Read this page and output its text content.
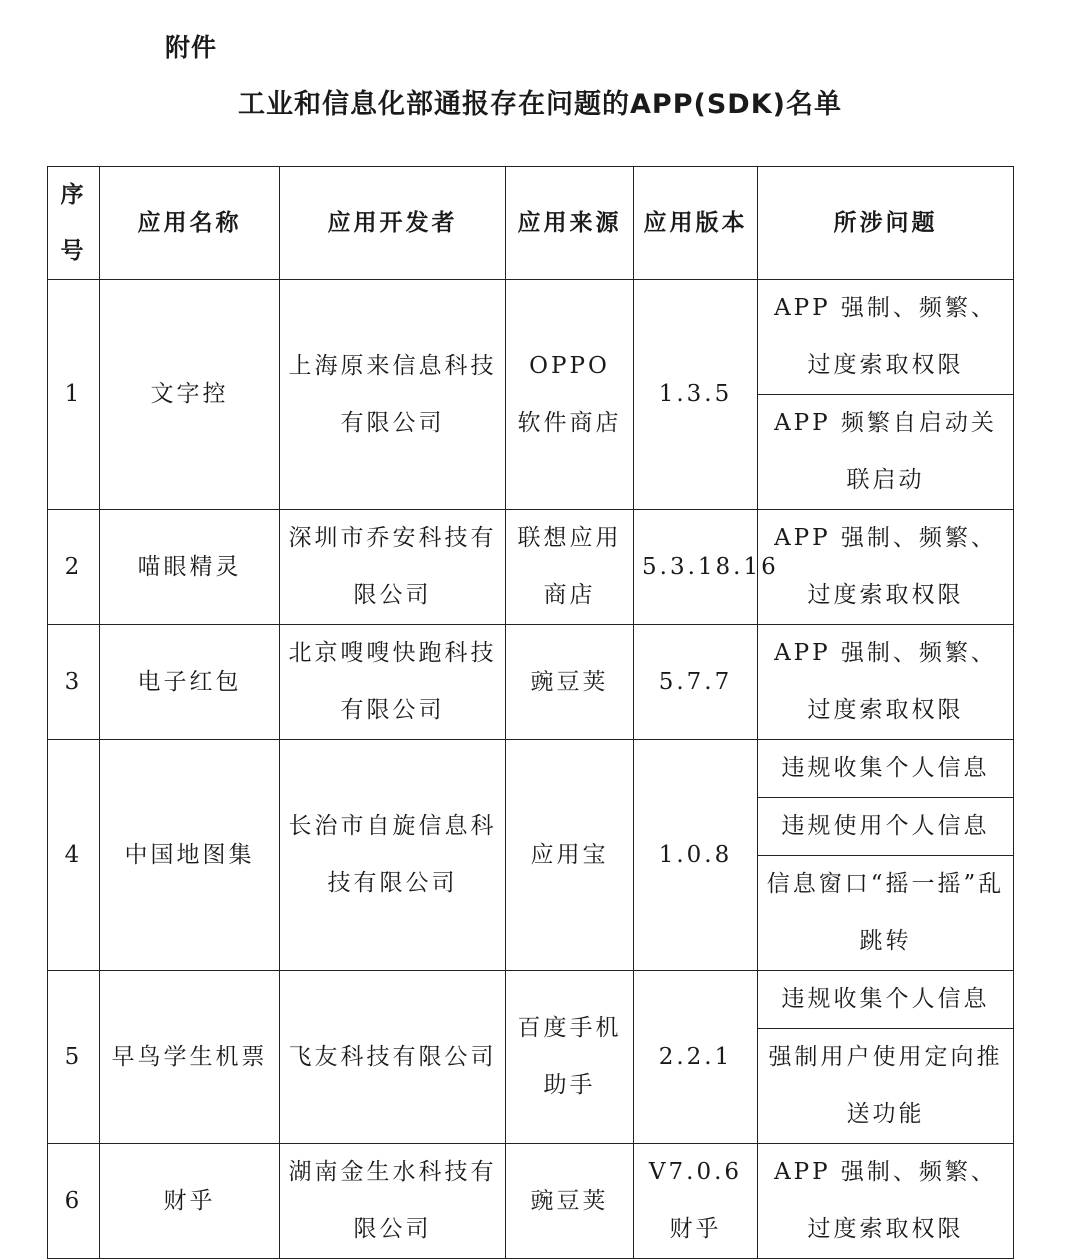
附件
工业和信息化部通报存在问题的APP(SDK)名单
序号	应用名称	应用开发者	应用来源	应用版本	所涉问题
1	文字控	上海原来信息科技有限公司	OPPO 软件商店	1.3.5	APP 强制、频繁、过度索取权限
					APP 频繁自启动关联启动
2	喵眼精灵	深圳市乔安科技有限公司	联想应用商店	5.3.18.16	APP 强制、频繁、过度索取权限
3	电子红包	北京嗖嗖快跑科技有限公司	豌豆荚	5.7.7	APP 强制、频繁、过度索取权限
4	中国地图集	长治市自旋信息科技有限公司	应用宝	1.0.8	违规收集个人信息
					违规使用个人信息
					信息窗口“摇一摇”乱跳转
5	早鸟学生机票	飞友科技有限公司	百度手机助手	2.2.1	违规收集个人信息
					强制用户使用定向推送功能
6	财乎	湖南金生水科技有限公司	豌豆荚	V7.0.6 财乎	APP 强制、频繁、过度索取权限
